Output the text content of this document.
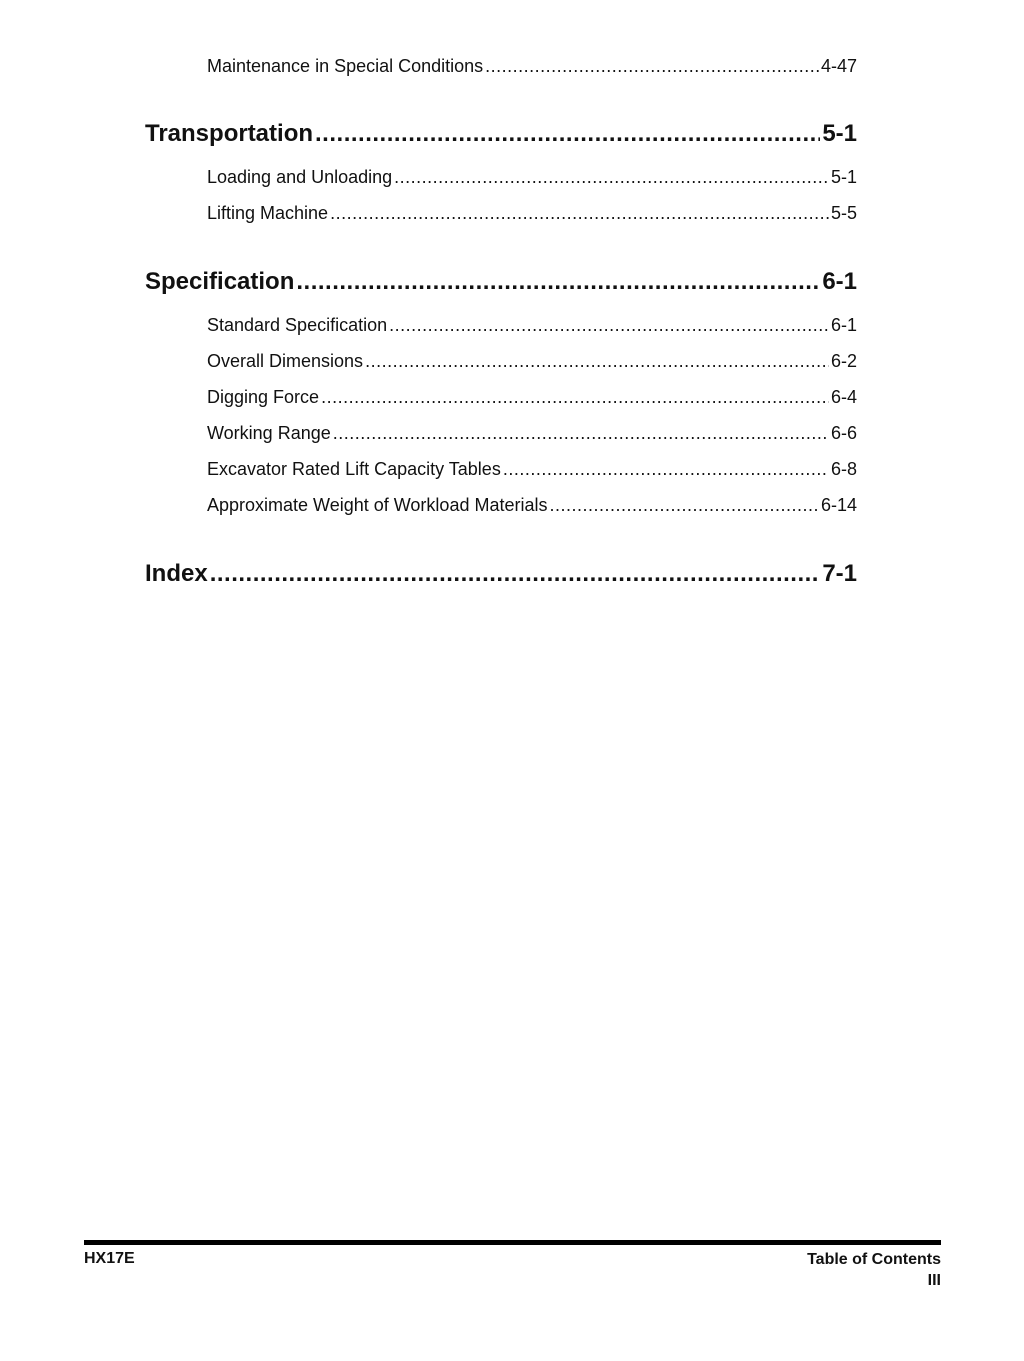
Maintenance in Special Conditions .....	4-47
Transportation .....	5-1
Loading and Unloading .....	5-1
Lifting Machine .....	5-5
Specification .....	6-1
Standard Specification .....	6-1
Overall Dimensions .....	6-2
Digging Force .....	6-4
Working Range .....	6-6
Excavator Rated Lift Capacity Tables .....	6-8
Approximate Weight of Workload Materials .....	6-14
Index .....	7-1
HX17E	Table of Contents
III
